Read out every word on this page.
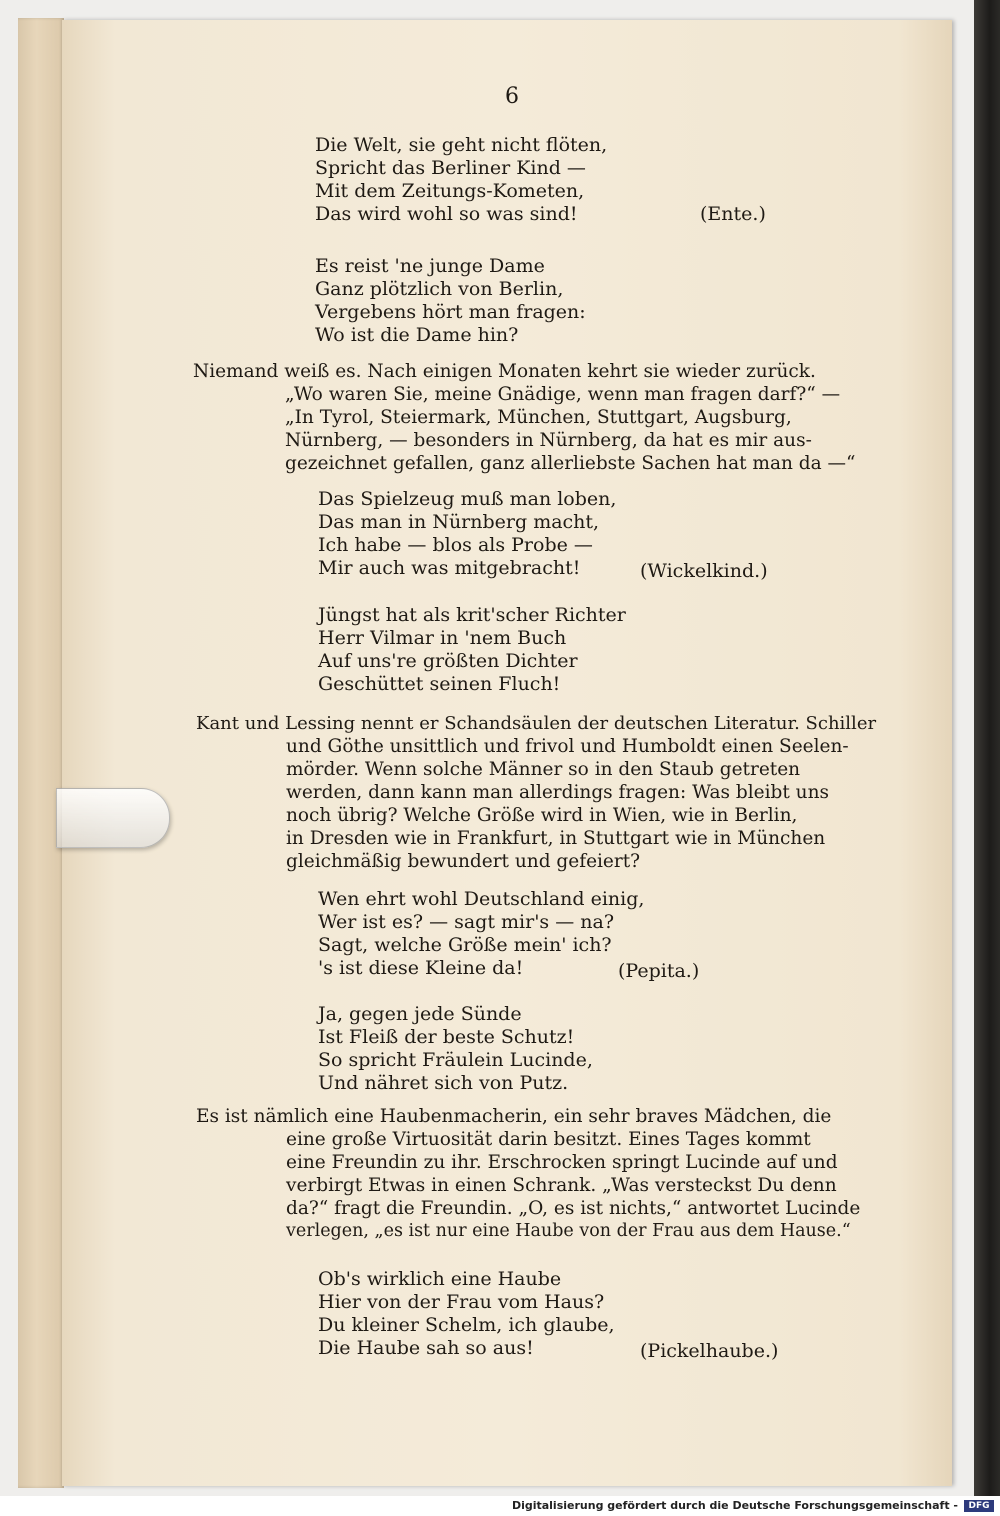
6
Die Welt, sie geht nicht flöten,
Spricht das Berliner Kind —
Mit dem Zeitungs-Kometen,
Das wird wohl so was sind!	(Ente.)
Es reist 'ne junge Dame
Ganz plötzlich von Berlin,
Vergebens hört man fragen:
Wo ist die Dame hin?
Niemand weiß es. Nach einigen Monaten kehrt sie wieder zurück.
„Wo waren Sie, meine Gnädige, wenn man fragen darf?“ —
„In Tyrol, Steiermark, München, Stuttgart, Augsburg,
Nürnberg, — besonders in Nürnberg, da hat es mir aus-
gezeichnet gefallen, ganz allerliebste Sachen hat man da —“
Das Spielzeug muß man loben,
Das man in Nürnberg macht,
Ich habe — blos als Probe —
Mir auch was mitgebracht!	(Wickelkind.)
Jüngst hat als krit'scher Richter
Herr Vilmar in 'nem Buch
Auf uns're größten Dichter
Geschüttet seinen Fluch!
Kant und Lessing nennt er Schandsäulen der deutschen Literatur. Schiller
und Göthe unsittlich und frivol und Humboldt einen Seelen-
mörder. Wenn solche Männer so in den Staub getreten
werden, dann kann man allerdings fragen: Was bleibt uns
noch übrig? Welche Größe wird in Wien, wie in Berlin,
in Dresden wie in Frankfurt, in Stuttgart wie in München
gleichmäßig bewundert und gefeiert?
Wen ehrt wohl Deutschland einig,
Wer ist es? — sagt mir's — na?
Sagt, welche Größe mein' ich?
's ist diese Kleine da!	(Pepita.)
Ja, gegen jede Sünde
Ist Fleiß der beste Schutz!
So spricht Fräulein Lucinde,
Und nähret sich von Putz.
Es ist nämlich eine Haubenmacherin, ein sehr braves Mädchen, die
eine große Virtuosität darin besitzt. Eines Tages kommt
eine Freundin zu ihr. Erschrocken springt Lucinde auf und
verbirgt Etwas in einen Schrank. „Was versteckst Du denn
da?“ fragt die Freundin. „O, es ist nichts,“ antwortet Lucinde
verlegen, „es ist nur eine Haube von der Frau aus dem Hause.“
Ob's wirklich eine Haube
Hier von der Frau vom Haus?
Du kleiner Schelm, ich glaube,
Die Haube sah so aus!	(Pickelhaube.)
Digitalisierung gefördert durch die Deutsche Forschungsgemeinschaft -	DFG
